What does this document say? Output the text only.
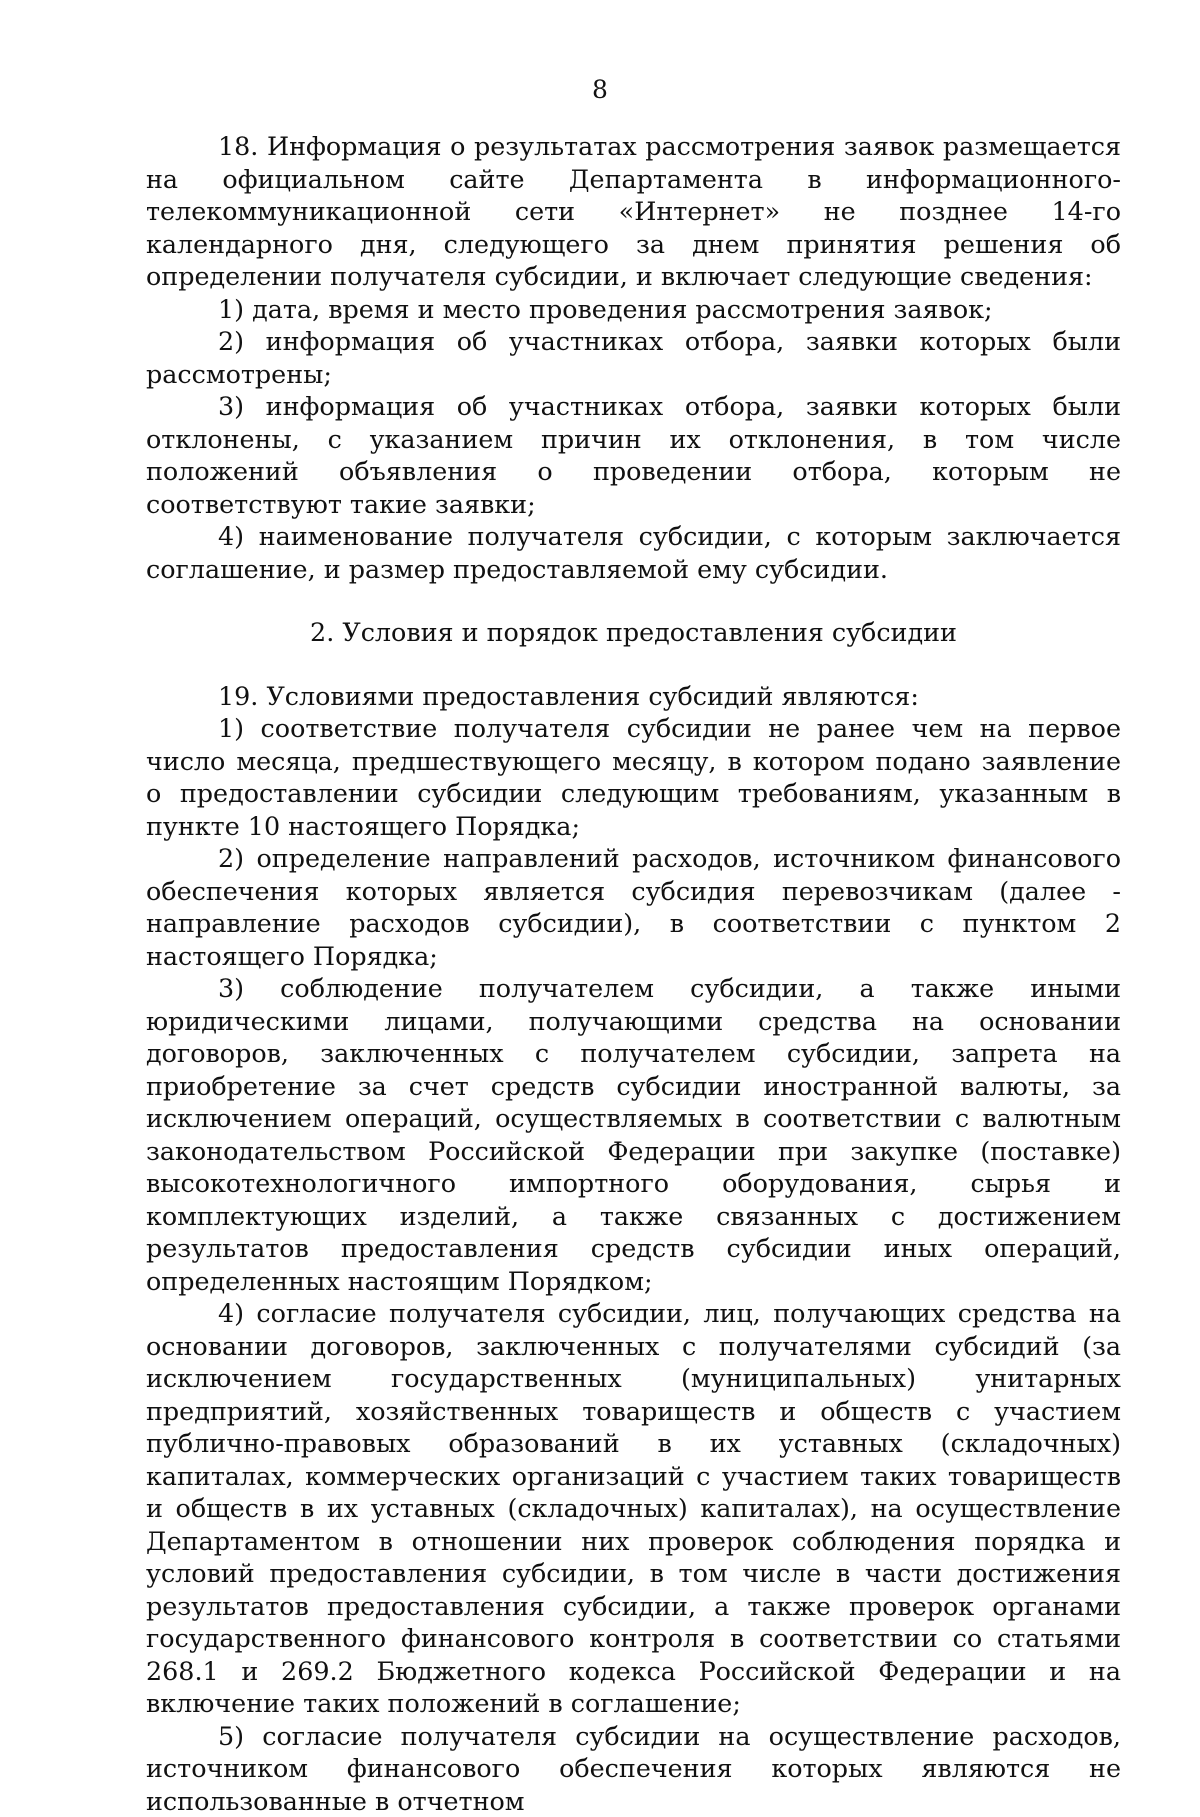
8

18. Информация о результатах рассмотрения заявок размещается на официальном сайте Департамента в информационного-телекоммуникационной сети «Интернет» не позднее 14-го календарного дня, следующего за днем принятия решения об определении получателя субсидии, и включает следующие сведения:

1) дата, время и место проведения рассмотрения заявок;

2) информация об участниках отбора, заявки которых были рассмотрены;

3) информация об участниках отбора, заявки которых были отклонены, с указанием причин их отклонения, в том числе положений объявления о проведении отбора, которым не соответствуют такие заявки;

4) наименование получателя субсидии, с которым заключается соглашение, и размер предоставляемой ему субсидии.

2. Условия и порядок предоставления субсидии

19. Условиями предоставления субсидий являются:

1) соответствие получателя субсидии не ранее чем на первое число месяца, предшествующего месяцу, в котором подано заявление о предоставлении субсидии следующим требованиям, указанным в пункте 10 настоящего Порядка;

2) определение направлений расходов, источником финансового обеспечения которых является субсидия перевозчикам (далее - направление расходов субсидии), в соответствии с пунктом 2 настоящего Порядка;

3) соблюдение получателем субсидии, а также иными юридическими лицами, получающими средства на основании договоров, заключенных с получателем субсидии, запрета на приобретение за счет средств субсидии иностранной валюты, за исключением операций, осуществляемых в соответствии с валютным законодательством Российской Федерации при закупке (поставке) высокотехнологичного импортного оборудования, сырья и комплектующих изделий, а также связанных с достижением результатов предоставления средств субсидии иных операций, определенных настоящим Порядком;

4) согласие получателя субсидии, лиц, получающих средства на основании договоров, заключенных с получателями субсидий (за исключением государственных (муниципальных) унитарных предприятий, хозяйственных товариществ и обществ с участием публично-правовых образований в их уставных (складочных) капиталах, коммерческих организаций с участием таких товариществ и обществ в их уставных (складочных) капиталах), на осуществление Департаментом в отношении них проверок соблюдения порядка и условий предоставления субсидии, в том числе в части достижения результатов предоставления субсидии, а также проверок органами государственного финансового контроля в соответствии со статьями 268.1 и 269.2 Бюджетного кодекса Российской Федерации и на включение таких положений в соглашение;

5) согласие получателя субсидии на осуществление расходов, источником финансового обеспечения которых являются не использованные в отчетном
